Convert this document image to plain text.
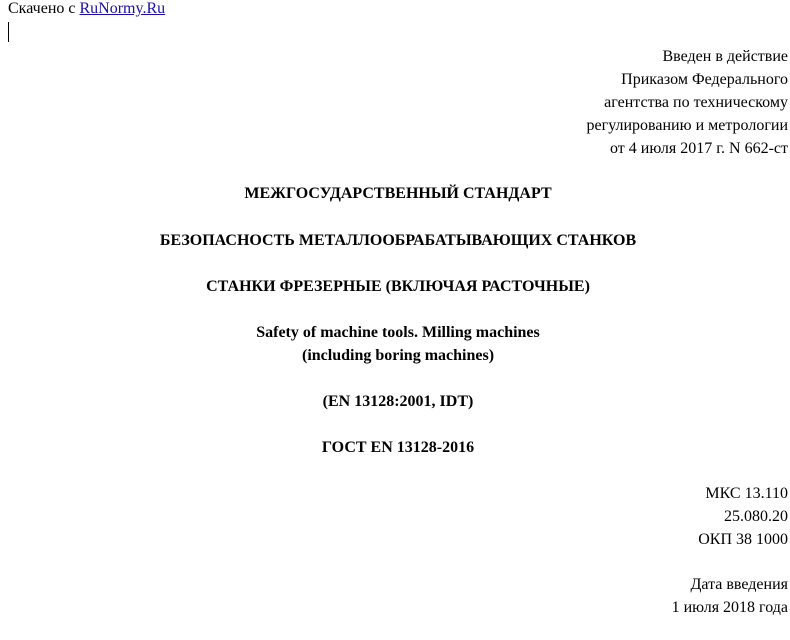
Скачено с RuNormy.Ru
Введен в действие
Приказом Федерального
агентства по техническому
регулированию и метрологии
от 4 июля 2017 г. N 662-ст
МЕЖГОСУДАРСТВЕННЫЙ СТАНДАРТ
БЕЗОПАСНОСТЬ МЕТАЛЛООБРАБАТЫВАЮЩИХ СТАНКОВ
СТАНКИ ФРЕЗЕРНЫЕ (ВКЛЮЧАЯ РАСТОЧНЫЕ)
Safety of machine tools. Milling machines
(including boring machines)
(EN 13128:2001, IDT)
ГОСТ EN 13128-2016
МКС 13.110
25.080.20
ОКП 38 1000
Дата введения
1 июля 2018 года
